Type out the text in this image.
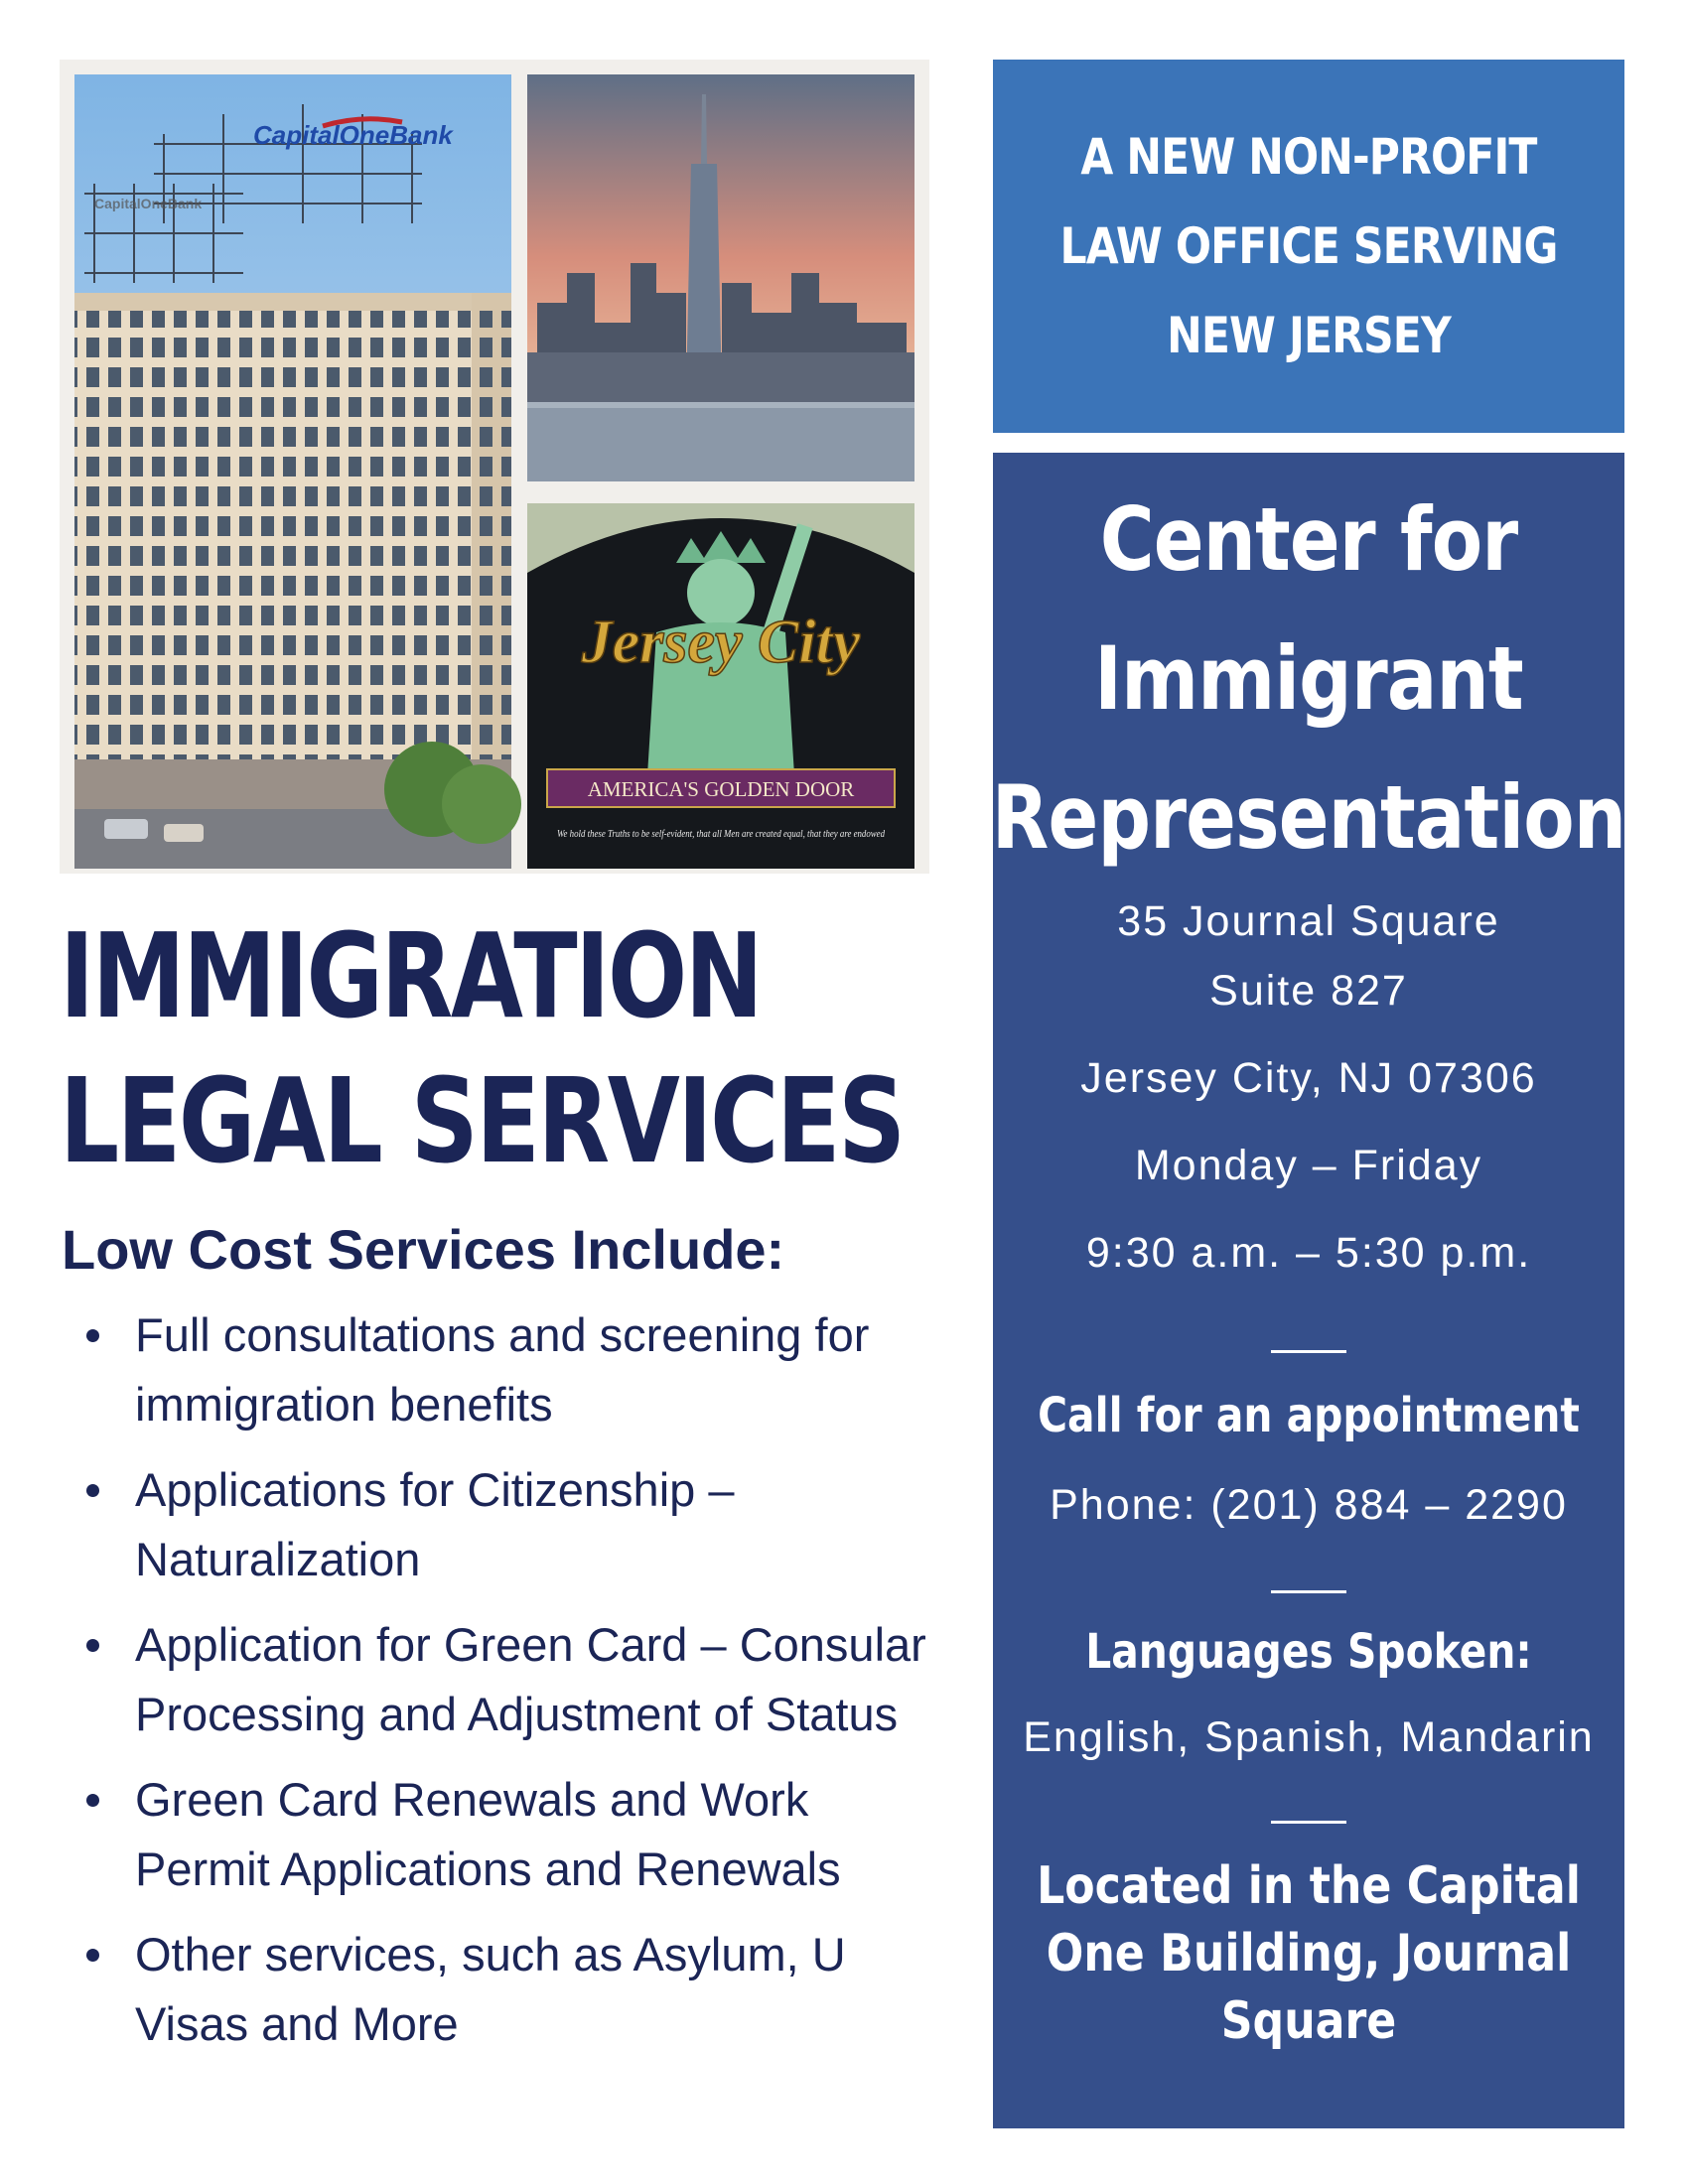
CapitalOneBank
CapitalOneBank
Jersey City
AMERICA'S GOLDEN DOOR
We hold these Truths to be self-evident, that all Men are created equal, that they are endowed
IMMIGRATION
LEGAL SERVICES
Low Cost Services Include:
Full consultations and screening for immigration benefits
Applications for Citizenship – Naturalization
Application for Green Card – Consular Processing and Adjustment of Status
Green Card Renewals and Work Permit Applications and Renewals
Other services, such as Asylum, U Visas and More

A NEW NON-PROFIT LAW OFFICE SERVING NEW JERSEY

Center for Immigrant Representation
35 Journal Square
Suite 827
Jersey City, NJ 07306
Monday – Friday
9:30 a.m. – 5:30 p.m.
Call for an appointment
Phone: (201) 884 – 2290
Languages Spoken:
English, Spanish, Mandarin

Located in the Capital One Building, Journal Square
